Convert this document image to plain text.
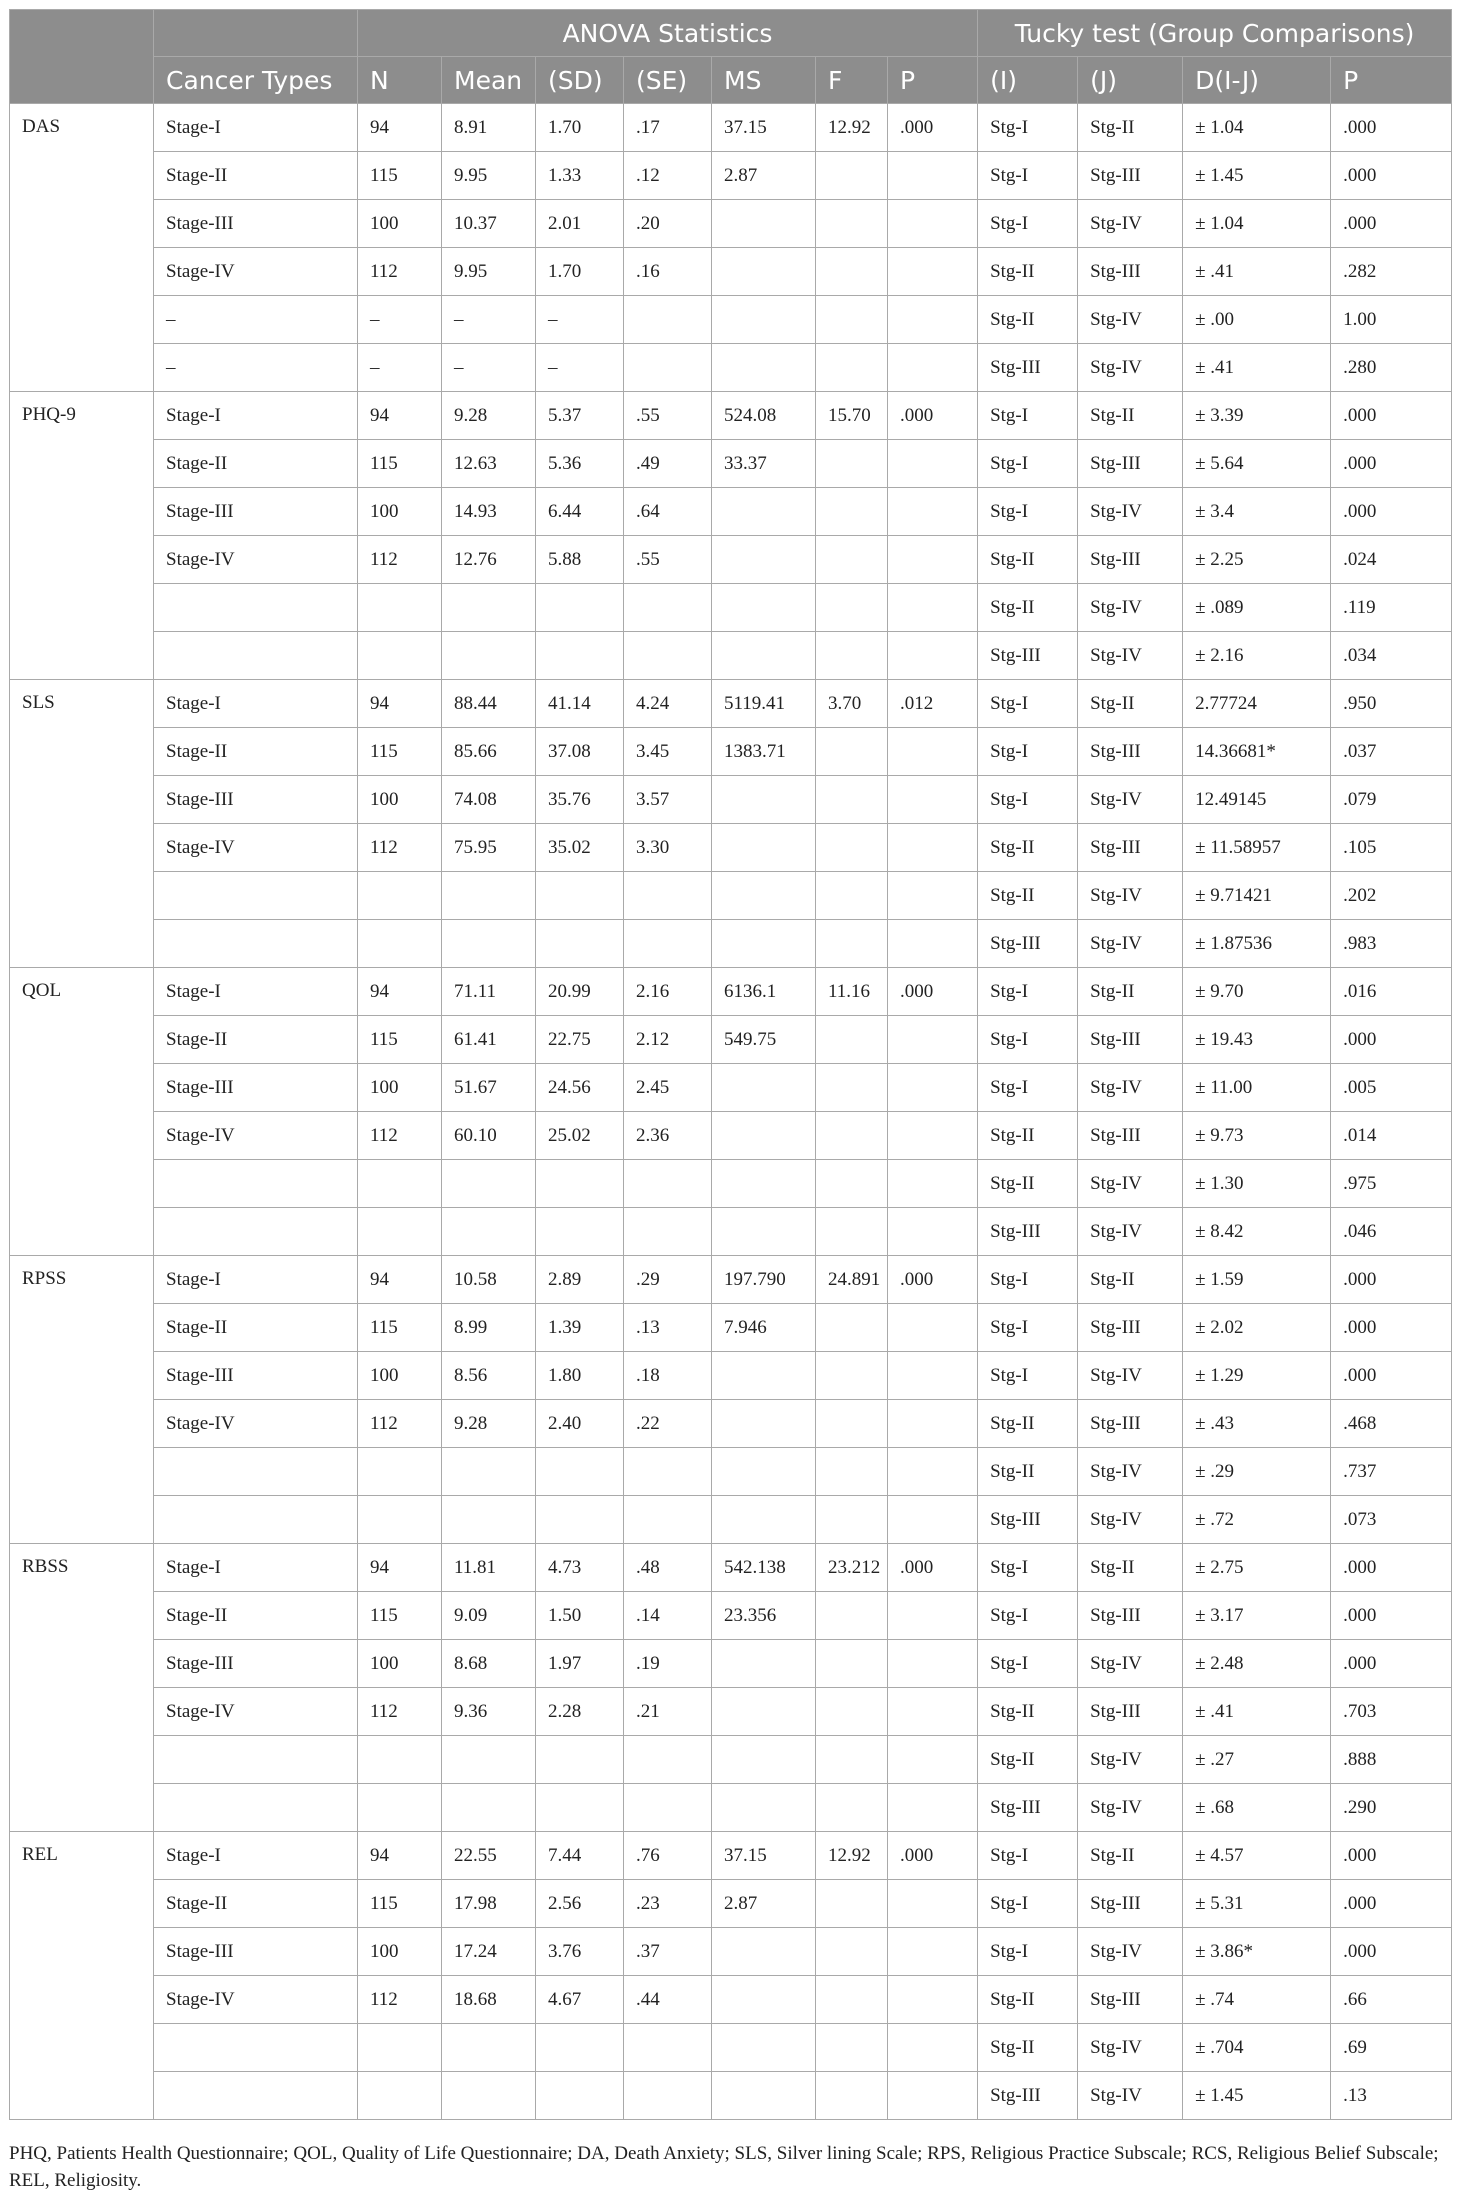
		ANOVA Statistics							Tucky test (Group Comparisons)			
	Cancer Types	N	Mean	(SD)	(SE)	MS	F	P	(I)	(J)	D(I-J)	P
DAS	Stage-I	94	8.91	1.70	.17	37.15	12.92	.000	Stg-I	Stg-II	± 1.04	.000
	Stage-II	115	9.95	1.33	.12	2.87			Stg-I	Stg-III	± 1.45	.000
	Stage-III	100	10.37	2.01	.20				Stg-I	Stg-IV	± 1.04	.000
	Stage-IV	112	9.95	1.70	.16				Stg-II	Stg-III	± .41	.282
	–	–	–	–					Stg-II	Stg-IV	± .00	1.00
	–	–	–	–					Stg-III	Stg-IV	± .41	.280
PHQ-9	Stage-I	94	9.28	5.37	.55	524.08	15.70	.000	Stg-I	Stg-II	± 3.39	.000
	Stage-II	115	12.63	5.36	.49	33.37			Stg-I	Stg-III	± 5.64	.000
	Stage-III	100	14.93	6.44	.64				Stg-I	Stg-IV	± 3.4	.000
	Stage-IV	112	12.76	5.88	.55				Stg-II	Stg-III	± 2.25	.024
									Stg-II	Stg-IV	± .089	.119
									Stg-III	Stg-IV	± 2.16	.034
SLS	Stage-I	94	88.44	41.14	4.24	5119.41	3.70	.012	Stg-I	Stg-II	2.77724	.950
	Stage-II	115	85.66	37.08	3.45	1383.71			Stg-I	Stg-III	14.36681*	.037
	Stage-III	100	74.08	35.76	3.57				Stg-I	Stg-IV	12.49145	.079
	Stage-IV	112	75.95	35.02	3.30				Stg-II	Stg-III	± 11.58957	.105
									Stg-II	Stg-IV	± 9.71421	.202
									Stg-III	Stg-IV	± 1.87536	.983
QOL	Stage-I	94	71.11	20.99	2.16	6136.1	11.16	.000	Stg-I	Stg-II	± 9.70	.016
	Stage-II	115	61.41	22.75	2.12	549.75			Stg-I	Stg-III	± 19.43	.000
	Stage-III	100	51.67	24.56	2.45				Stg-I	Stg-IV	± 11.00	.005
	Stage-IV	112	60.10	25.02	2.36				Stg-II	Stg-III	± 9.73	.014
									Stg-II	Stg-IV	± 1.30	.975
									Stg-III	Stg-IV	± 8.42	.046
RPSS	Stage-I	94	10.58	2.89	.29	197.790	24.891	.000	Stg-I	Stg-II	± 1.59	.000
	Stage-II	115	8.99	1.39	.13	7.946			Stg-I	Stg-III	± 2.02	.000
	Stage-III	100	8.56	1.80	.18				Stg-I	Stg-IV	± 1.29	.000
	Stage-IV	112	9.28	2.40	.22				Stg-II	Stg-III	± .43	.468
									Stg-II	Stg-IV	± .29	.737
									Stg-III	Stg-IV	± .72	.073
RBSS	Stage-I	94	11.81	4.73	.48	542.138	23.212	.000	Stg-I	Stg-II	± 2.75	.000
	Stage-II	115	9.09	1.50	.14	23.356			Stg-I	Stg-III	± 3.17	.000
	Stage-III	100	8.68	1.97	.19				Stg-I	Stg-IV	± 2.48	.000
	Stage-IV	112	9.36	2.28	.21				Stg-II	Stg-III	± .41	.703
									Stg-II	Stg-IV	± .27	.888
									Stg-III	Stg-IV	± .68	.290
REL	Stage-I	94	22.55	7.44	.76	37.15	12.92	.000	Stg-I	Stg-II	± 4.57	.000
	Stage-II	115	17.98	2.56	.23	2.87			Stg-I	Stg-III	± 5.31	.000
	Stage-III	100	17.24	3.76	.37				Stg-I	Stg-IV	± 3.86*	.000
	Stage-IV	112	18.68	4.67	.44				Stg-II	Stg-III	± .74	.66
									Stg-II	Stg-IV	± .704	.69
									Stg-III	Stg-IV	± 1.45	.13
PHQ, Patients Health Questionnaire; QOL, Quality of Life Questionnaire; DA, Death Anxiety; SLS, Silver lining Scale; RPS, Religious Practice Subscale; RCS, Religious Belief Subscale; REL, Religiosity.
